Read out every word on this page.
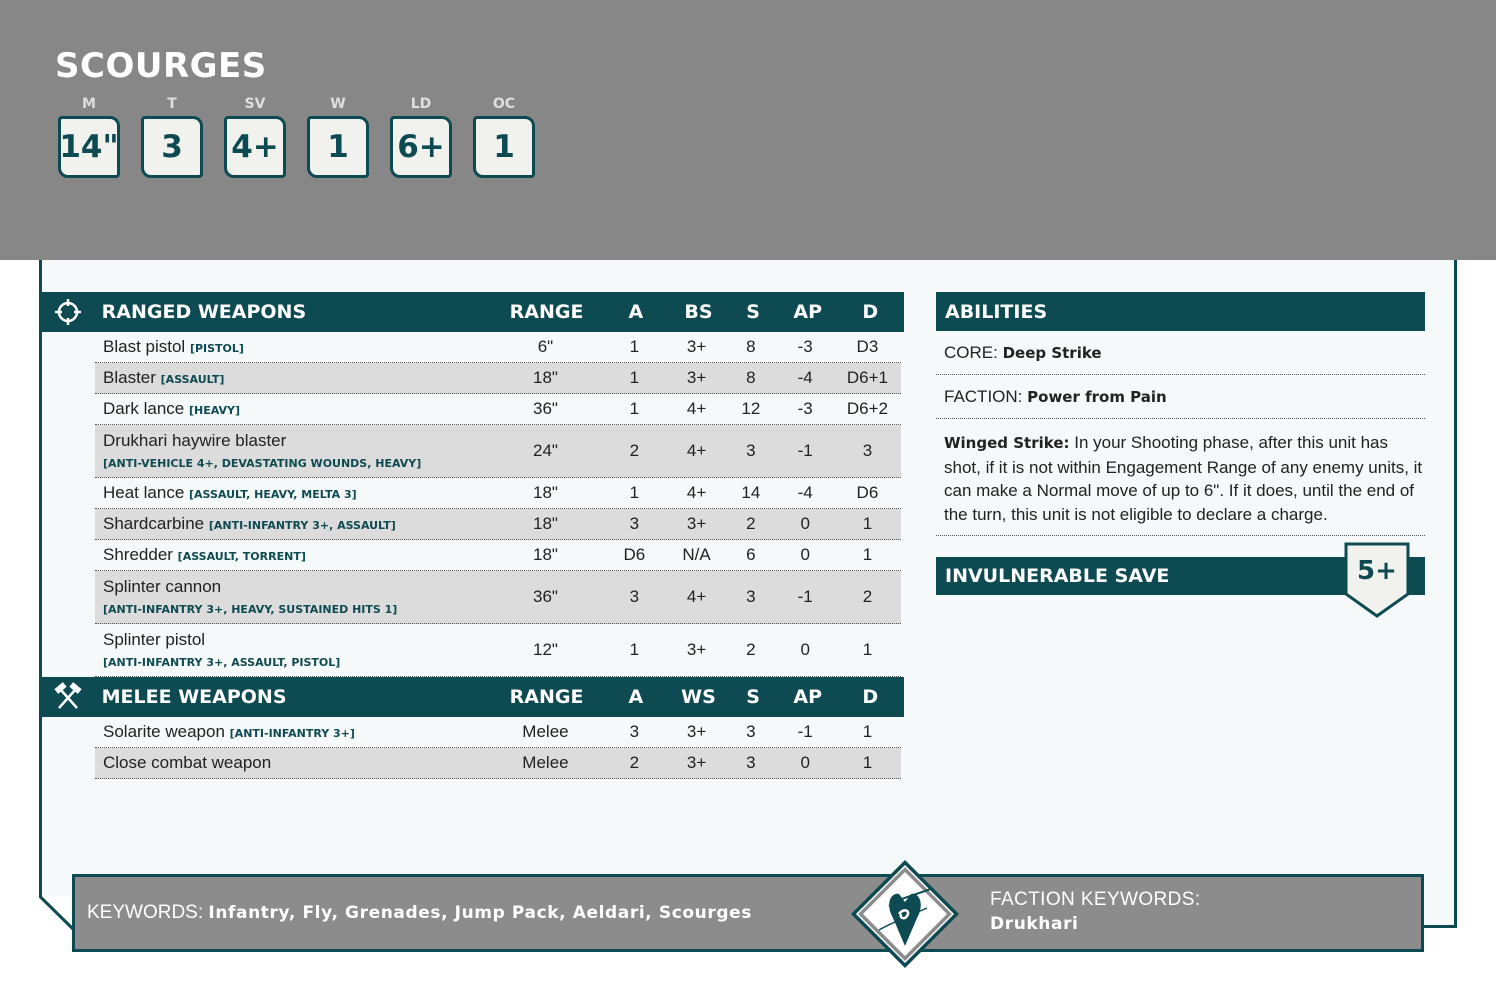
SCOURGES
M
14"
T
3
SV
4+
W
1
LD
6+
OC
1
RANGED WEAPONS	RANGE	A	BS	S	AP	D
Blast pistol [PISTOL]	6"	1	3+	8	-3	D3
Blaster [ASSAULT]	18"	1	3+	8	-4	D6+1
Dark lance [HEAVY]	36"	1	4+	12	-3	D6+2
Drukhari haywire blaster
[ANTI-VEHICLE 4+, DEVASTATING WOUNDS, HEAVY]
24"	2	4+	3	-1	3
Heat lance [ASSAULT, HEAVY, MELTA 3]	18"	1	4+	14	-4	D6
Shardcarbine [ANTI-INFANTRY 3+, ASSAULT]	18"	3	3+	2	0	1
Shredder [ASSAULT, TORRENT]	18"	D6	N/A	6	0	1
Splinter cannon
[ANTI-INFANTRY 3+, HEAVY, SUSTAINED HITS 1]
36"	3	4+	3	-1	2
Splinter pistol
[ANTI-INFANTRY 3+, ASSAULT, PISTOL]
12"	1	3+	2	0	1
MELEE WEAPONS	RANGE	A	WS	S	AP	D
Solarite weapon [ANTI-INFANTRY 3+]	Melee	3	3+	3	-1	1
Close combat weapon	Melee	2	3+	3	0	1
ABILITIES
CORE: Deep Strike
FACTION: Power from Pain
Winged Strike: In your Shooting phase, after this unit has shot, if it is not within Engagement Range of any enemy units, it can make a Normal move of up to 6". If it does, until the end of the turn, this unit is not eligible to declare a charge.
INVULNERABLE SAVE	5+
KEYWORDS: Infantry, Fly, Grenades, Jump Pack, Aeldari, Scourges
FACTION KEYWORDS:
Drukhari
